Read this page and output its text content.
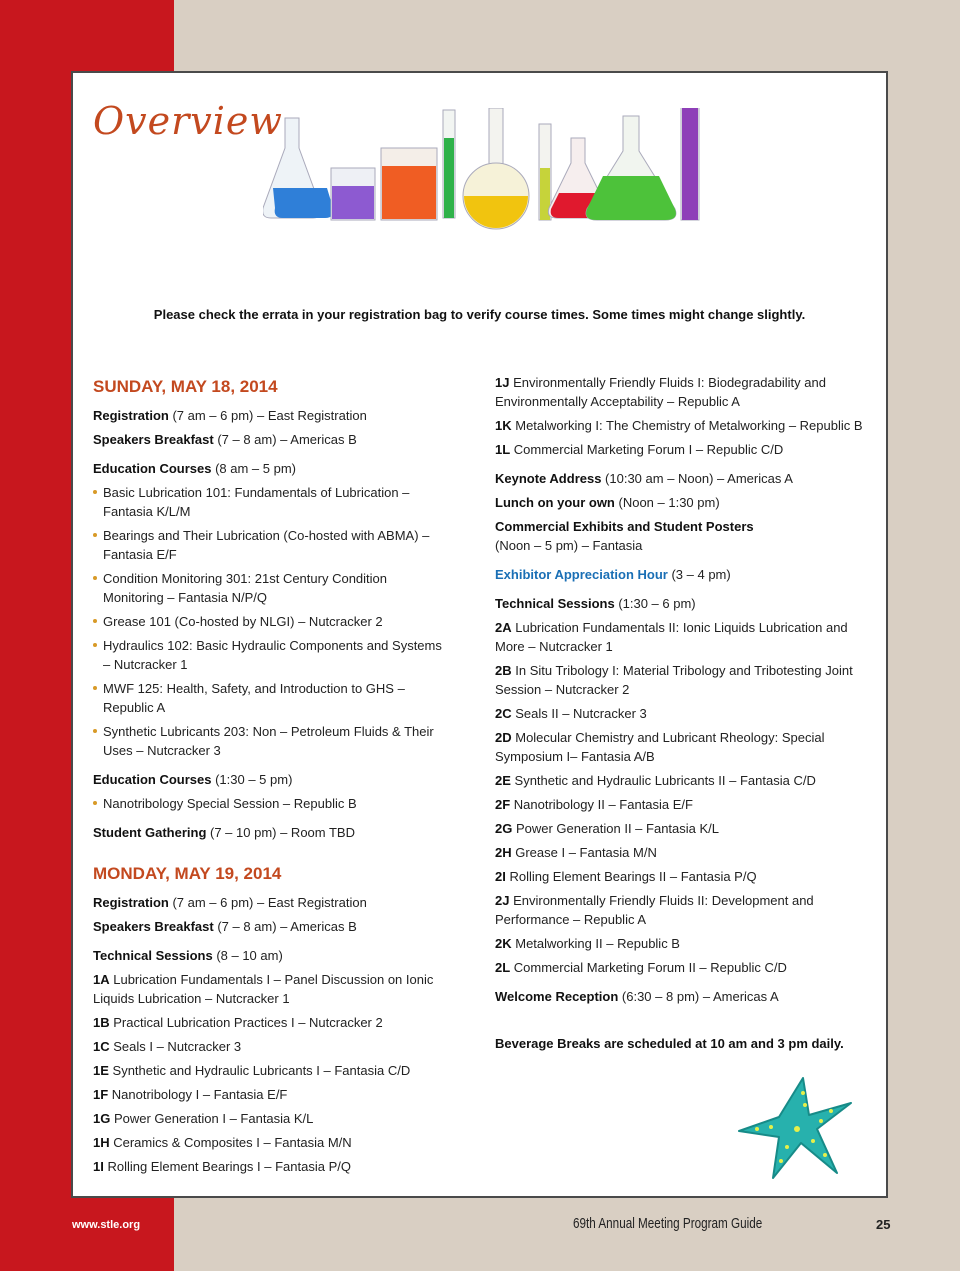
Overview
Please check the errata in your registration bag to verify course times. Some times might change slightly.
SUNDAY, MAY 18, 2014
Registration (7 am – 6 pm) – East Registration
Speakers Breakfast (7 – 8 am) – Americas B
Education Courses (8 am – 5 pm)
Basic Lubrication 101: Fundamentals of Lubrication – Fantasia K/L/M
Bearings and Their Lubrication (Co-hosted with ABMA) – Fantasia E/F
Condition Monitoring 301: 21st Century Condition Monitoring – Fantasia N/P/Q
Grease 101 (Co-hosted by NLGI) – Nutcracker 2
Hydraulics 102: Basic Hydraulic Components and Systems – Nutcracker 1
MWF 125: Health, Safety, and Introduction to GHS – Republic A
Synthetic Lubricants 203: Non – Petroleum Fluids & Their Uses – Nutcracker 3
Education Courses (1:30 – 5 pm)
Nanotribology Special Session – Republic B
Student Gathering (7 – 10 pm) – Room TBD
MONDAY, MAY 19, 2014
Registration (7 am – 6 pm) – East Registration
Speakers Breakfast (7 – 8 am) – Americas B
Technical Sessions (8 – 10 am)
1A Lubrication Fundamentals I – Panel Discussion on Ionic Liquids Lubrication – Nutcracker 1
1B Practical Lubrication Practices I – Nutcracker 2
1C Seals I – Nutcracker 3
1E Synthetic and Hydraulic Lubricants I – Fantasia C/D
1F Nanotribology I – Fantasia E/F
1G Power Generation I – Fantasia K/L
1H Ceramics & Composites I – Fantasia M/N
1I Rolling Element Bearings I – Fantasia P/Q
1J Environmentally Friendly Fluids I: Biodegradability and Environmentally Acceptability – Republic A
1K Metalworking I: The Chemistry of Metalworking – Republic B
1L Commercial Marketing Forum I – Republic C/D
Keynote Address (10:30 am – Noon) – Americas A
Lunch on your own (Noon – 1:30 pm)
Commercial Exhibits and Student Posters
(Noon – 5 pm) – Fantasia
Exhibitor Appreciation Hour (3 – 4 pm)
Technical Sessions (1:30 – 6 pm)
2A Lubrication Fundamentals II: Ionic Liquids Lubrication and More – Nutcracker 1
2B In Situ Tribology I: Material Tribology and Tribotesting Joint Session – Nutcracker 2
2C Seals II – Nutcracker 3
2D Molecular Chemistry and Lubricant Rheology: Special Symposium I– Fantasia A/B
2E Synthetic and Hydraulic Lubricants II – Fantasia C/D
2F Nanotribology II – Fantasia E/F
2G Power Generation II – Fantasia K/L
2H Grease I – Fantasia M/N
2I Rolling Element Bearings II – Fantasia P/Q
2J Environmentally Friendly Fluids II: Development and Performance – Republic A
2K Metalworking II – Republic B
2L Commercial Marketing Forum II – Republic C/D
Welcome Reception (6:30 – 8 pm) – Americas A
Beverage Breaks are scheduled at 10 am and 3 pm daily.
www.stle.org	69th Annual Meeting Program Guide	25
